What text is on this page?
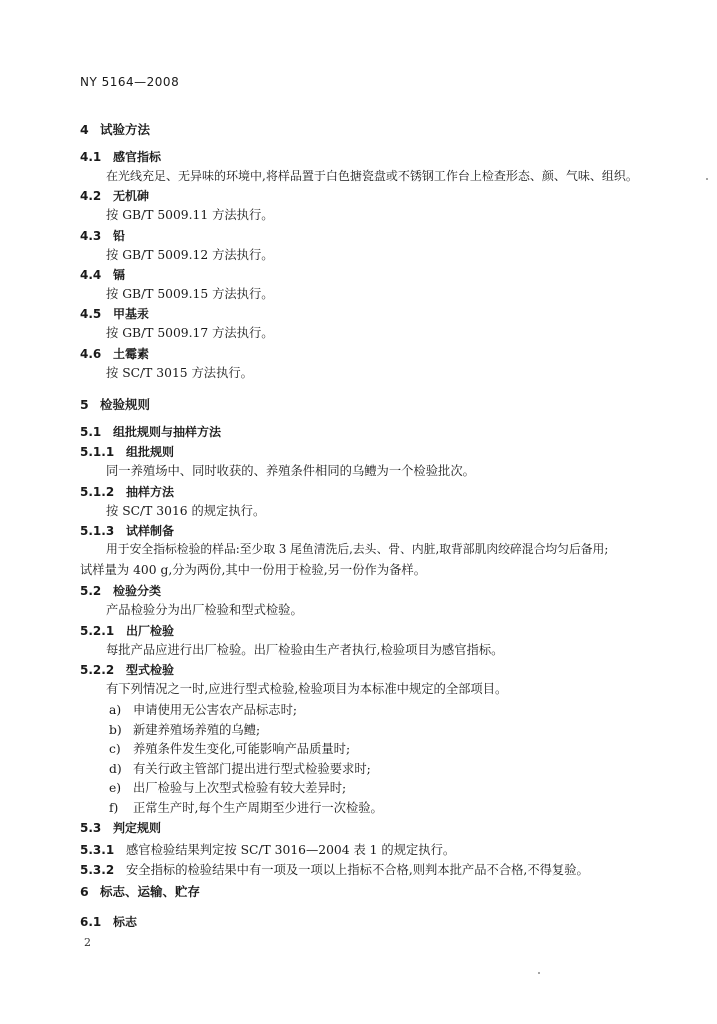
NY 5164—2008
4 试验方法
4.1 感官指标
在光线充足、无异味的环境中,将样品置于白色搪瓷盘或不锈钢工作台上检查形态、颜、气味、组织。
4.2 无机砷
按 GB/T 5009.11 方法执行。
4.3 铅
按 GB/T 5009.12 方法执行。
4.4 镉
按 GB/T 5009.15 方法执行。
4.5 甲基汞
按 GB/T 5009.17 方法执行。
4.6 土霉素
按 SC/T 3015 方法执行。
5 检验规则
5.1 组批规则与抽样方法
5.1.1 组批规则
同一养殖场中、同时收获的、养殖条件相同的乌鳢为一个检验批次。
5.1.2 抽样方法
按 SC/T 3016 的规定执行。
5.1.3 试样制备
用于安全指标检验的样品:至少取 3 尾鱼清洗后,去头、骨、内脏,取背部肌肉绞碎混合均匀后备用;
试样量为 400 g,分为两份,其中一份用于检验,另一份作为备样。
5.2 检验分类
产品检验分为出厂检验和型式检验。
5.2.1 出厂检验
每批产品应进行出厂检验。出厂检验由生产者执行,检验项目为感官指标。
5.2.2 型式检验
有下列情况之一时,应进行型式检验,检验项目为本标准中规定的全部项目。
a) 申请使用无公害农产品标志时;
b) 新建养殖场养殖的乌鳢;
c) 养殖条件发生变化,可能影响产品质量时;
d) 有关行政主管部门提出进行型式检验要求时;
e) 出厂检验与上次型式检验有较大差异时;
f) 正常生产时,每个生产周期至少进行一次检验。
5.3 判定规则
5.3.1 感官检验结果判定按 SC/T 3016—2004 表 1 的规定执行。
5.3.2 安全指标的检验结果中有一项及一项以上指标不合格,则判本批产品不合格,不得复验。
6 标志、运输、贮存
6.1 标志
2
